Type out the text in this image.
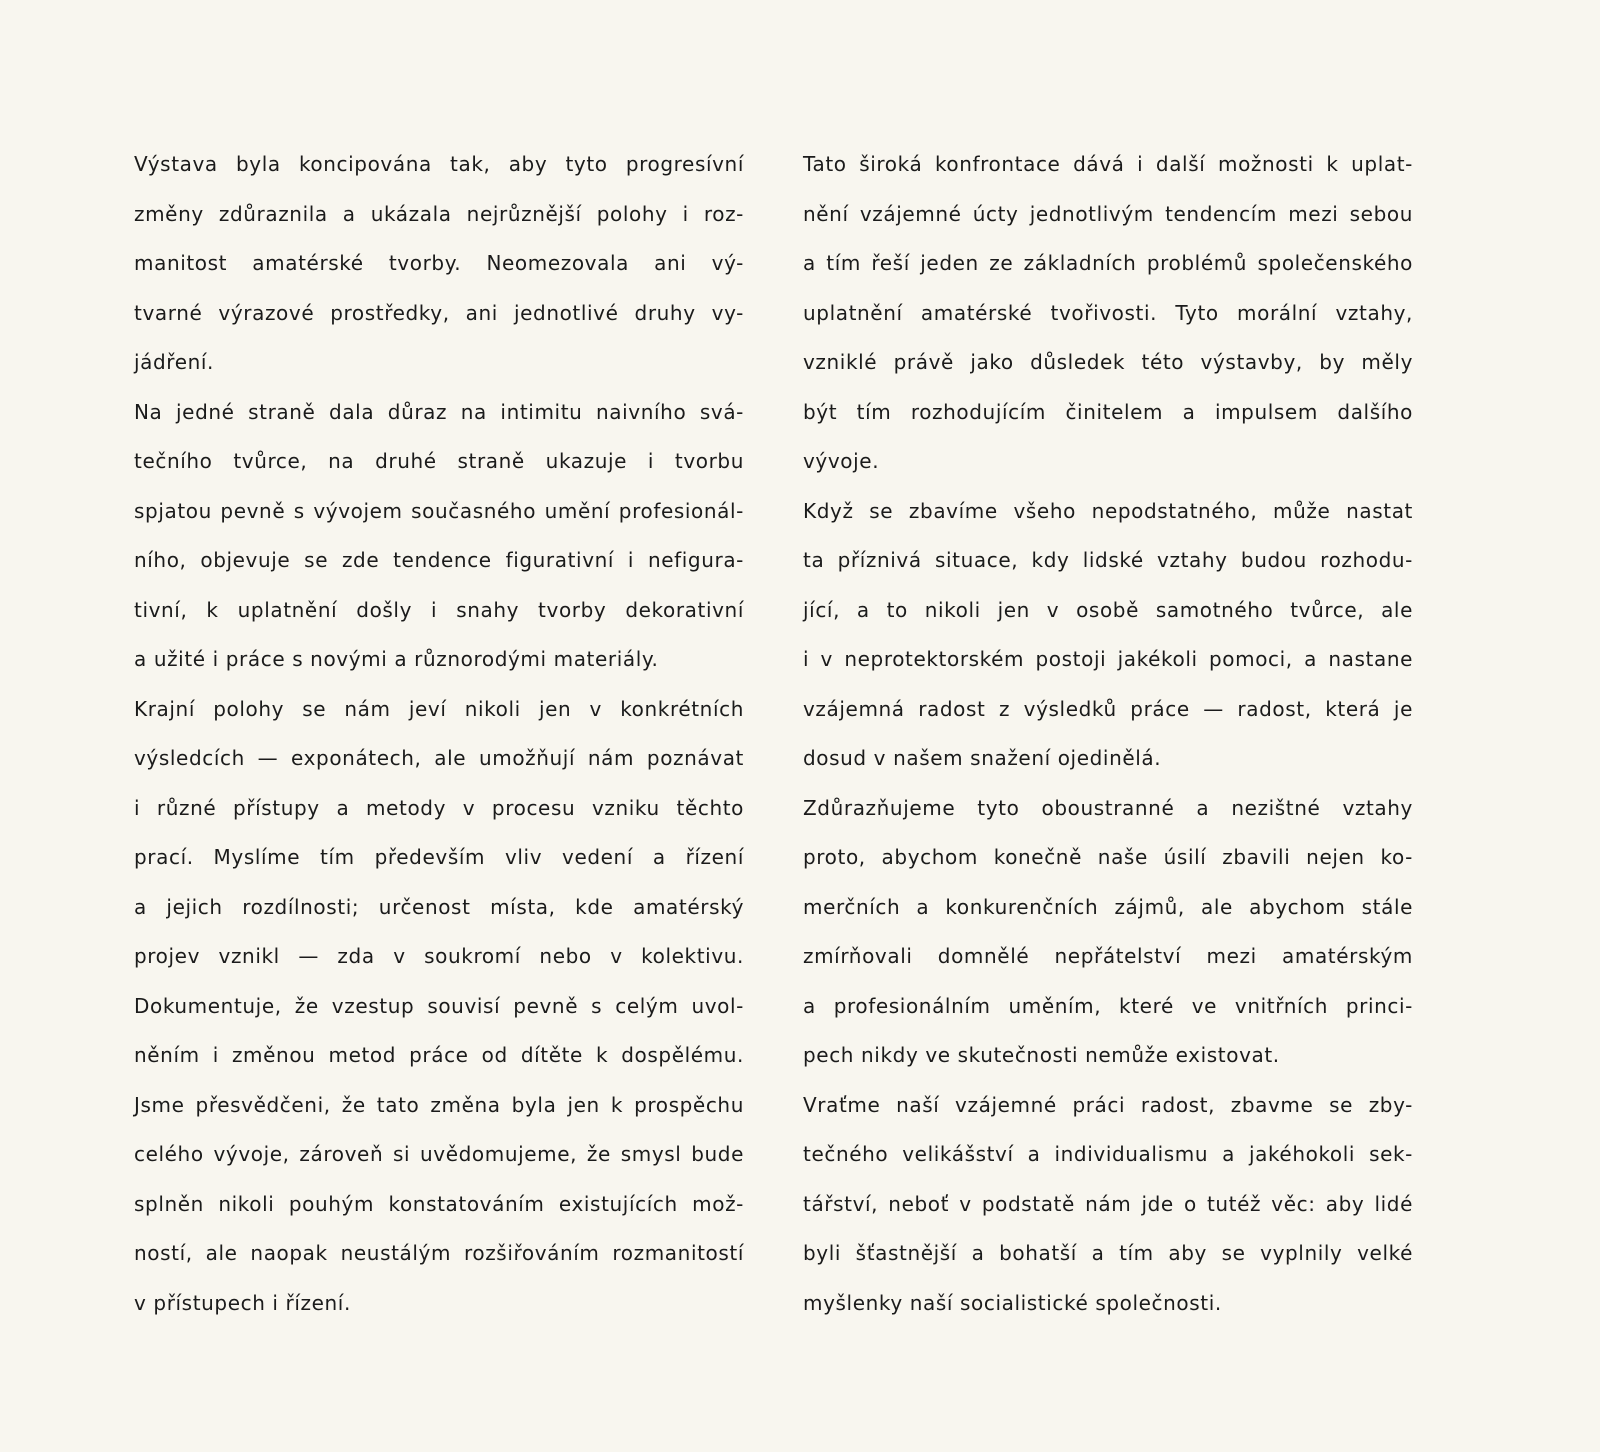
Výstava byla koncipována tak, aby tyto progresívní
změny zdůraznila a ukázala nejrůznější polohy i roz-
manitost amatérské tvorby. Neomezovala ani vý-
tvarné výrazové prostředky, ani jednotlivé druhy vy-
jádření.
Na jedné straně dala důraz na intimitu naivního svá-
tečního tvůrce, na druhé straně ukazuje i tvorbu
spjatou pevně s vývojem současného umění profesionál-
ního, objevuje se zde tendence figurativní i nefigura-
tivní, k uplatnění došly i snahy tvorby dekorativní
a užité i práce s novými a různorodými materiály.
Krajní polohy se nám jeví nikoli jen v konkrétních
výsledcích — exponátech, ale umožňují nám poznávat
i různé přístupy a metody v procesu vzniku těchto
prací. Myslíme tím především vliv vedení a řízení
a jejich rozdílnosti; určenost místa, kde amatérský
projev vznikl — zda v soukromí nebo v kolektivu.
Dokumentuje, že vzestup souvisí pevně s celým uvol-
něním i změnou metod práce od dítěte k dospělému.
Jsme přesvědčeni, že tato změna byla jen k prospěchu
celého vývoje, zároveň si uvědomujeme, že smysl bude
splněn nikoli pouhým konstatováním existujících mož-
ností, ale naopak neustálým rozšiřováním rozmanitostí
v přístupech i řízení.
Tato široká konfrontace dává i další možnosti k uplat-
nění vzájemné úcty jednotlivým tendencím mezi sebou
a tím řeší jeden ze základních problémů společenského
uplatnění amatérské tvořivosti. Tyto morální vztahy,
vzniklé právě jako důsledek této výstavby, by měly
být tím rozhodujícím činitelem a impulsem dalšího
vývoje.
Když se zbavíme všeho nepodstatného, může nastat
ta příznivá situace, kdy lidské vztahy budou rozhodu-
jící, a to nikoli jen v osobě samotného tvůrce, ale
i v neprotektorském postoji jakékoli pomoci, a nastane
vzájemná radost z výsledků práce — radost, která je
dosud v našem snažení ojedinělá.
Zdůrazňujeme tyto oboustranné a nezištné vztahy
proto, abychom konečně naše úsilí zbavili nejen ko-
merčních a konkurenčních zájmů, ale abychom stále
zmírňovali domnělé nepřátelství mezi amatérským
a profesionálním uměním, které ve vnitřních princi-
pech nikdy ve skutečnosti nemůže existovat.
Vraťme naší vzájemné práci radost, zbavme se zby-
tečného velikášství a individualismu a jakéhokoli sek-
tářství, neboť v podstatě nám jde o tutéž věc: aby lidé
byli šťastnější a bohatší a tím aby se vyplnily velké
myšlenky naší socialistické společnosti.
